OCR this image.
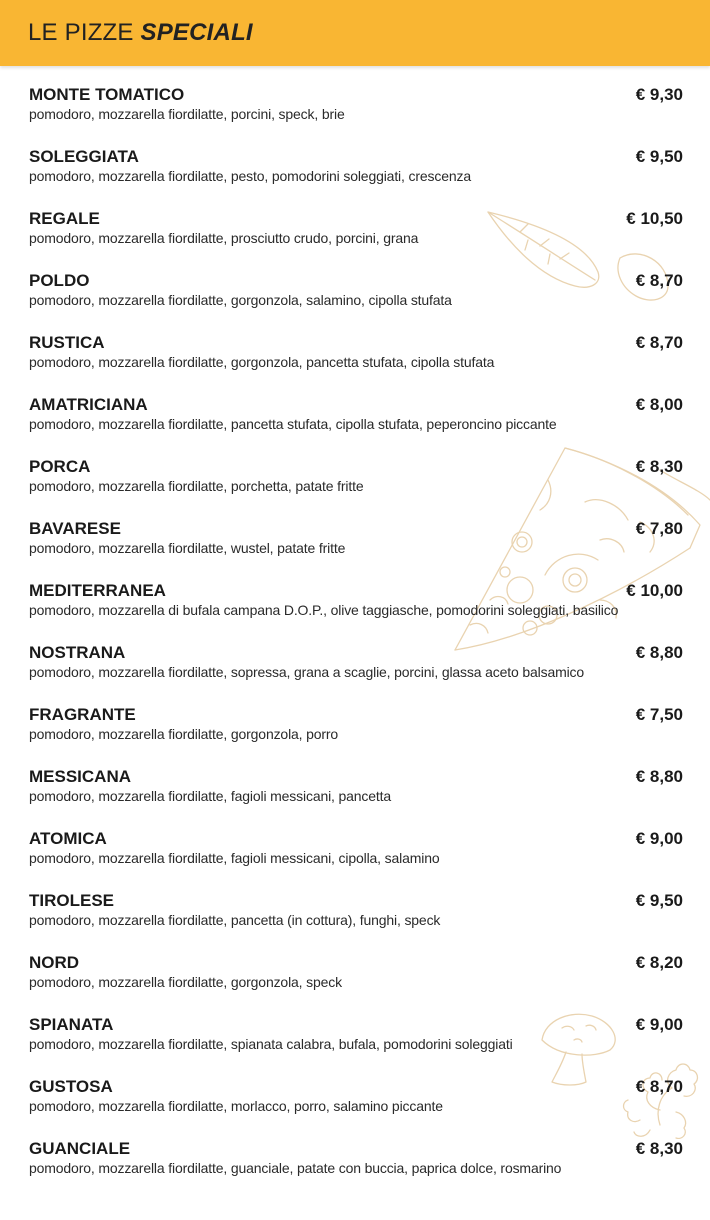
LE PIZZE SPECIALI
MONTE TOMATICO	€ 9,30
pomodoro, mozzarella fiordilatte, porcini, speck, brie
SOLEGGIATA	€ 9,50
pomodoro, mozzarella fiordilatte, pesto, pomodorini soleggiati, crescenza
REGALE	€ 10,50
pomodoro, mozzarella fiordilatte, prosciutto crudo, porcini, grana
POLDO	€ 8,70
pomodoro, mozzarella fiordilatte, gorgonzola, salamino, cipolla stufata
RUSTICA	€ 8,70
pomodoro, mozzarella fiordilatte, gorgonzola, pancetta stufata, cipolla stufata
AMATRICIANA	€ 8,00
pomodoro, mozzarella fiordilatte, pancetta stufata, cipolla stufata, peperoncino piccante
PORCA	€ 8,30
pomodoro, mozzarella fiordilatte, porchetta, patate fritte
BAVARESE	€ 7,80
pomodoro, mozzarella fiordilatte, wustel, patate fritte
MEDITERRANEA	€ 10,00
pomodoro, mozzarella di bufala campana D.O.P., olive taggiasche, pomodorini soleggiati, basilico
NOSTRANA	€ 8,80
pomodoro, mozzarella fiordilatte, sopressa, grana a scaglie, porcini, glassa aceto balsamico
FRAGRANTE	€ 7,50
pomodoro, mozzarella fiordilatte, gorgonzola, porro
MESSICANA	€ 8,80
pomodoro, mozzarella fiordilatte, fagioli messicani, pancetta
ATOMICA	€ 9,00
pomodoro, mozzarella fiordilatte, fagioli messicani, cipolla, salamino
TIROLESE	€ 9,50
pomodoro, mozzarella fiordilatte, pancetta (in cottura), funghi, speck
NORD	€ 8,20
pomodoro, mozzarella fiordilatte, gorgonzola, speck
SPIANATA	€ 9,00
pomodoro, mozzarella fiordilatte, spianata calabra, bufala, pomodorini soleggiati
GUSTOSA	€ 8,70
pomodoro, mozzarella fiordilatte, morlacco, porro, salamino piccante
GUANCIALE	€ 8,30
pomodoro, mozzarella fiordilatte, guanciale, patate con buccia, paprica dolce, rosmarino
